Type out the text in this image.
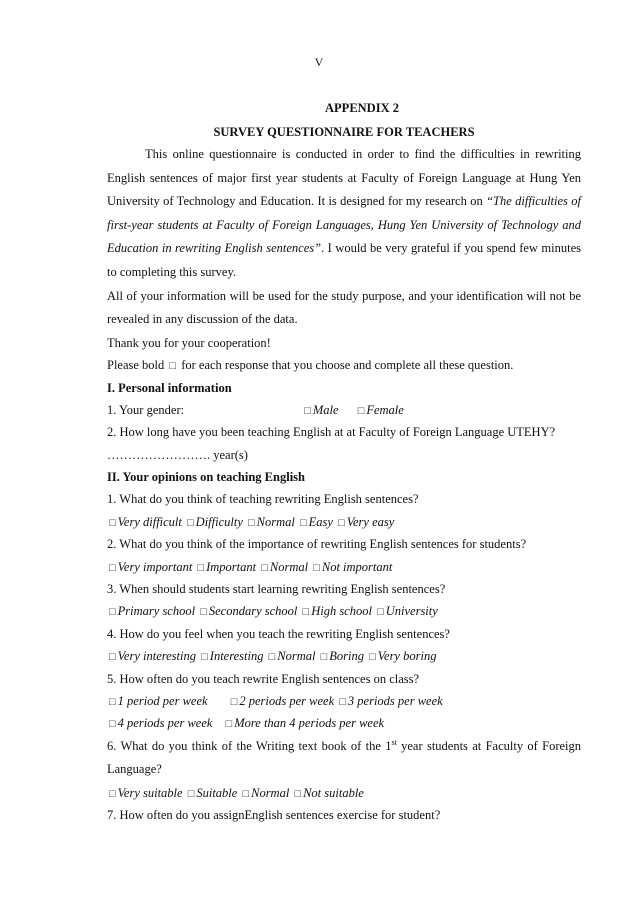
V
APPENDIX 2
SURVEY QUESTIONNAIRE FOR TEACHERS
This online questionnaire is conducted in order to find the difficulties in rewriting English sentences of major first year students at Faculty of Foreign Language at Hung Yen University of Technology and Education. It is designed for my research on “The difficulties of first-year students at Faculty of Foreign Languages, Hung Yen University of Technology and Education in rewriting English sentences”. I would be very grateful if you spend few minutes to completing this survey.
All of your information will be used for the study purpose, and your identification will not be revealed in any discussion of the data.
Thank you for your cooperation!
Please bold □ for each response that you choose and complete all these question.
I. Personal information
1. Your gender:	□ Male □ Female
2. How long have you been teaching English at at Faculty of Foreign Language UTEHY?
……………………. year(s)
II. Your opinions on teaching English
1. What do you think of teaching rewriting English sentences?
□ Very difficult □ Difficulty □ Normal □ Easy □ Very easy
2. What do you think of the importance of rewriting English sentences for students?
□ Very important □ Important □ Normal □ Not important
3. When should students start learning rewriting English sentences?
□ Primary school □ Secondary school □ High school □ University
4. How do you feel when you teach the rewriting English sentences?
□ Very interesting □ Interesting □ Normal □ Boring □ Very boring
5. How often do you teach rewrite English sentences on class?
□ 1 period per week □ 2 periods per week □ 3 periods per week
□ 4 periods per week □ More than 4 periods per week
6. What do you think of the Writing text book of the 1st year students at Faculty of Foreign Language?
□ Very suitable □ Suitable □ Normal □ Not suitable
7. How often do you assignEnglish sentences exercise for student?
